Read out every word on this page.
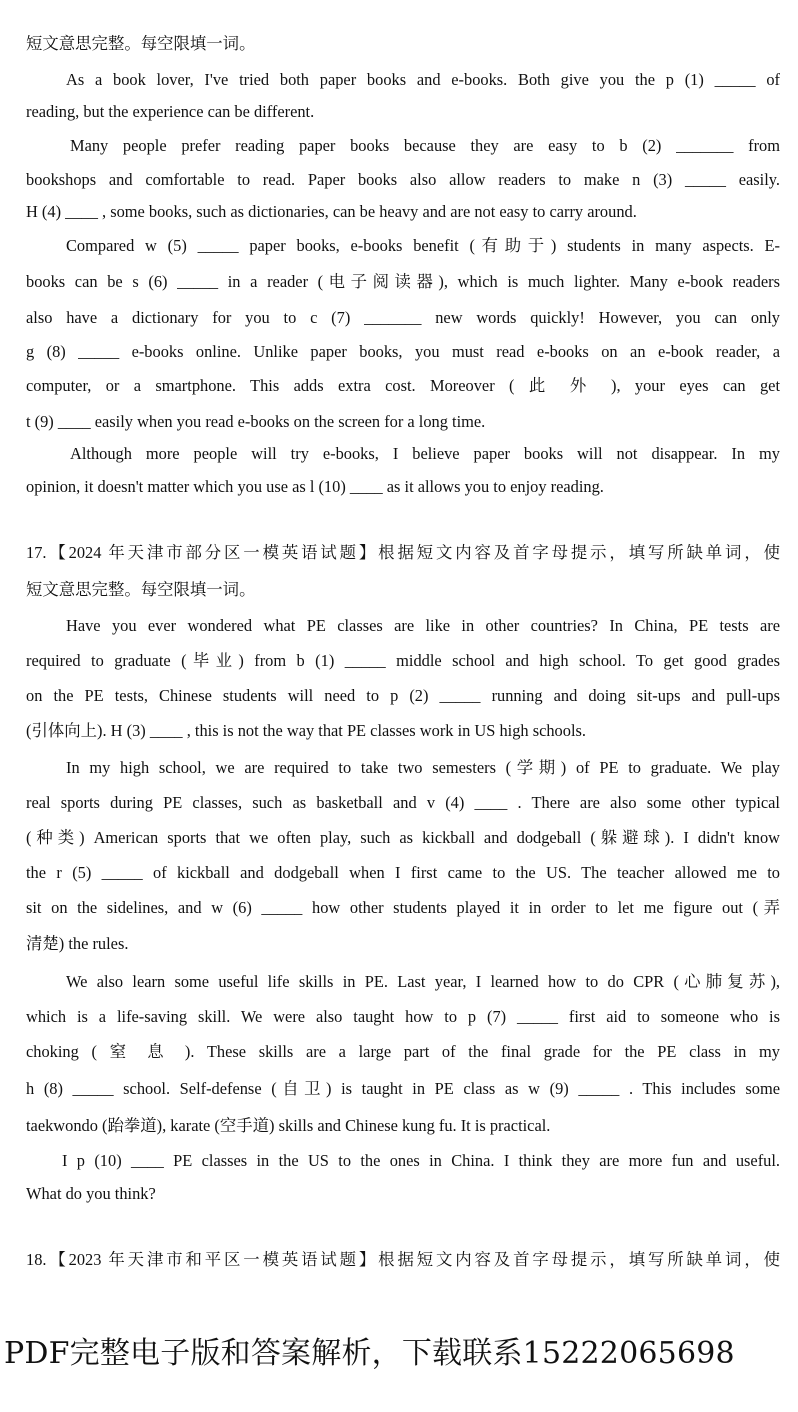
短文意思完整。每空限填一词。
As a book lover, I've tried both paper books and e-books. Both give you the p (1) _____ of
reading, but the experience can be different.
Many people prefer reading paper books because they are easy to b (2) _______ from
bookshops and comfortable to read. Paper books also allow readers to make n (3) _____ easily.
H (4) ____ , some books, such as dictionaries, can be heavy and are not easy to carry around.
Compared w (5) _____ paper books, e-books benefit (有助于) students in many aspects. E-
books can be s (6) _____ in a reader (电子阅读器), which is much lighter. Many e-book readers
also have a dictionary for you to c (7) _______ new words quickly! However, you can only
g (8) _____ e-books online. Unlike paper books, you must read e-books on an e-book reader, a
computer, or a smartphone. This adds extra cost. Moreover ( 此 外 ), your eyes can get
t (9) ____ easily when you read e-books on the screen for a long time.
Although more people will try e-books, I believe paper books will not disappear. In my
opinion, it doesn't matter which you use as l (10) ____ as it allows you to enjoy reading.
17.【2024 年天津市部分区一模英语试题】根据短文内容及首字母提示，填写所缺单词，使
短文意思完整。每空限填一词。
Have you ever wondered what PE classes are like in other countries? In China, PE tests are
required to graduate (毕业) from b (1) _____ middle school and high school. To get good grades
on the PE tests, Chinese students will need to p (2) _____ running and doing sit-ups and pull-ups
(引体向上). H (3) ____ , this is not the way that PE classes work in US high schools.
In my high school, we are required to take two semesters (学期) of PE to graduate. We play
real sports during PE classes, such as basketball and v (4) ____ . There are also some other typical
(种类) American sports that we often play, such as kickball and dodgeball (躲避球). I didn't know
the r (5) _____ of kickball and dodgeball when I first came to the US. The teacher allowed me to
sit on the sidelines, and w (6) _____ how other students played it in order to let me figure out (弄
清楚) the rules.
We also learn some useful life skills in PE. Last year, I learned how to do CPR (心肺复苏),
which is a life-saving skill. We were also taught how to p (7) _____ first aid to someone who is
choking ( 窒 息 ). These skills are a large part of the final grade for the PE class in my
h (8) _____ school. Self-defense (自卫) is taught in PE class as w (9) _____ . This includes some
taekwondo (跆拳道), karate (空手道) skills and Chinese kung fu. It is practical.
I p (10) ____ PE classes in the US to the ones in China. I think they are more fun and useful.
What do you think?
18.【2023 年天津市和平区一模英语试题】根据短文内容及首字母提示，填写所缺单词，使
PDF完整电子版和答案解析，下载联系15222065698
